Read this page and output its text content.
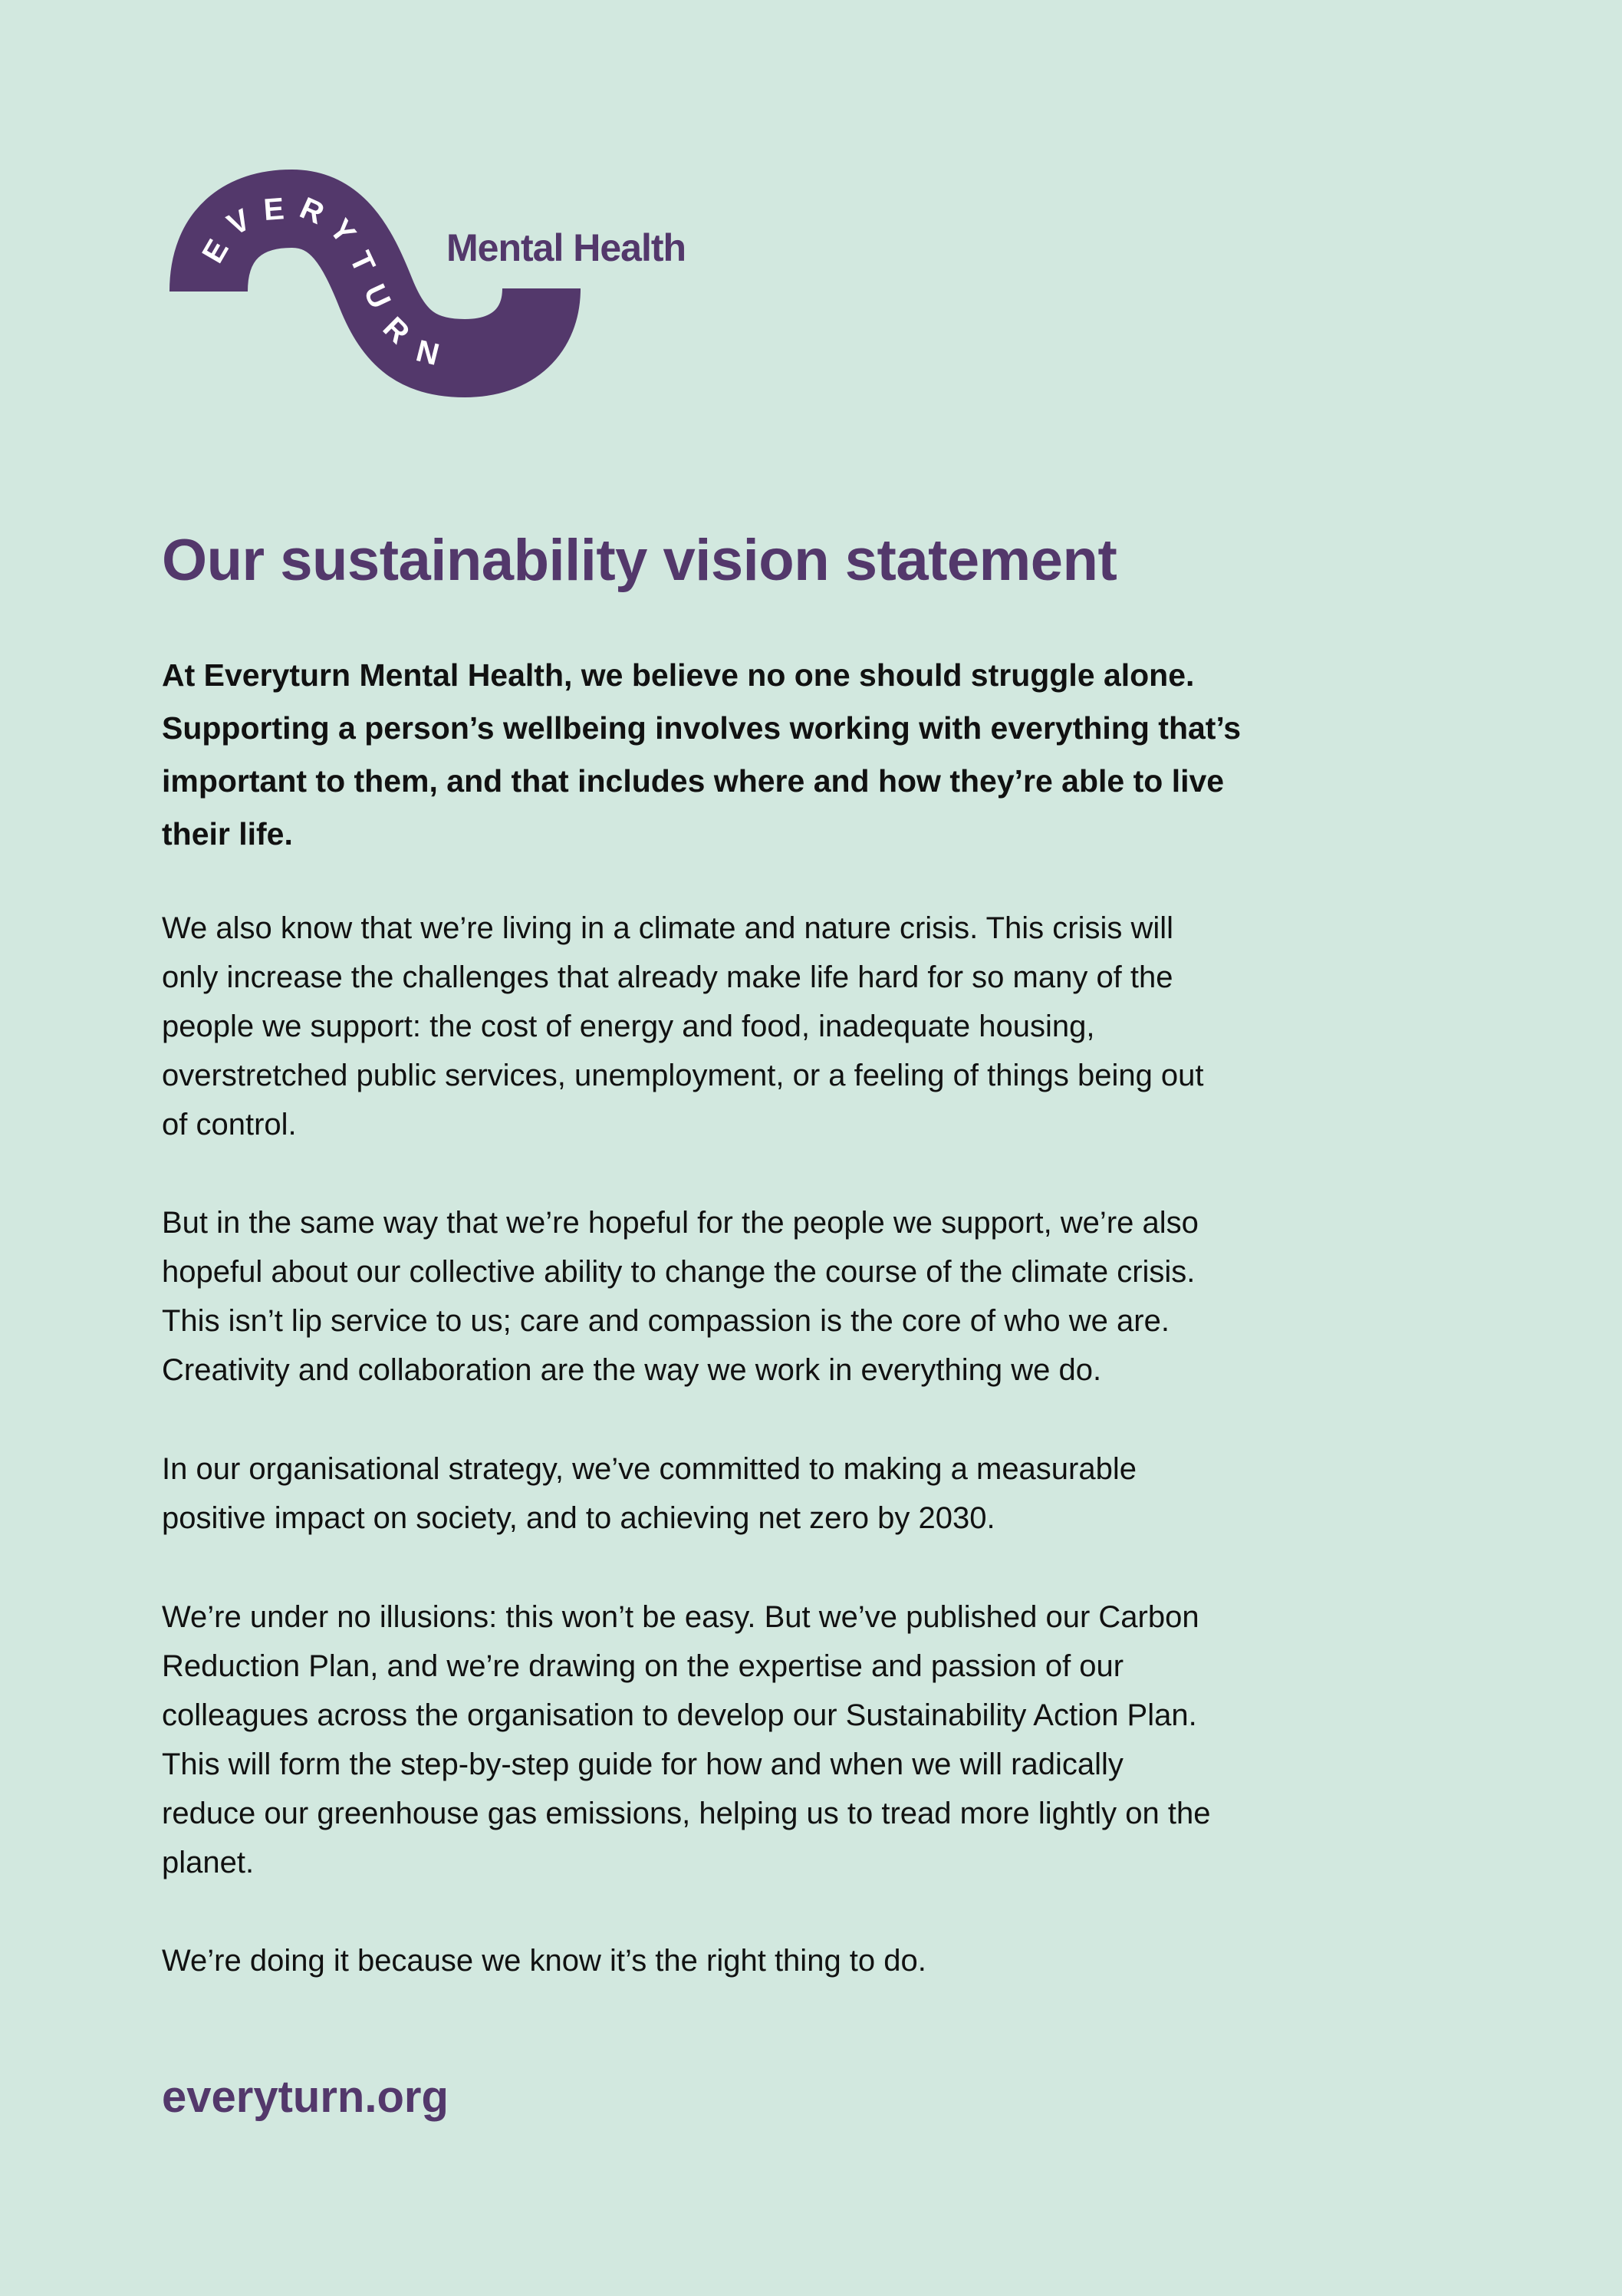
EVERYTURN
Mental Health
Our sustainability vision statement
At Everyturn Mental Health, we believe no one should struggle alone.
Supporting a person’s wellbeing involves working with everything that’s
important to them, and that includes where and how they’re able to live
their life.
We also know that we’re living in a climate and nature crisis. This crisis will
only increase the challenges that already make life hard for so many of the
people we support: the cost of energy and food, inadequate housing,
overstretched public services, unemployment, or a feeling of things being out
of control.
But in the same way that we’re hopeful for the people we support, we’re also
hopeful about our collective ability to change the course of the climate crisis.
This isn’t lip service to us; care and compassion is the core of who we are.
Creativity and collaboration are the way we work in everything we do.
In our organisational strategy, we’ve committed to making a measurable
positive impact on society, and to achieving net zero by 2030.
We’re under no illusions: this won’t be easy. But we’ve published our Carbon
Reduction Plan, and we’re drawing on the expertise and passion of our
colleagues across the organisation to develop our Sustainability Action Plan.
This will form the step-by-step guide for how and when we will radically
reduce our greenhouse gas emissions, helping us to tread more lightly on the
planet.
We’re doing it because we know it’s the right thing to do.
everyturn.org
